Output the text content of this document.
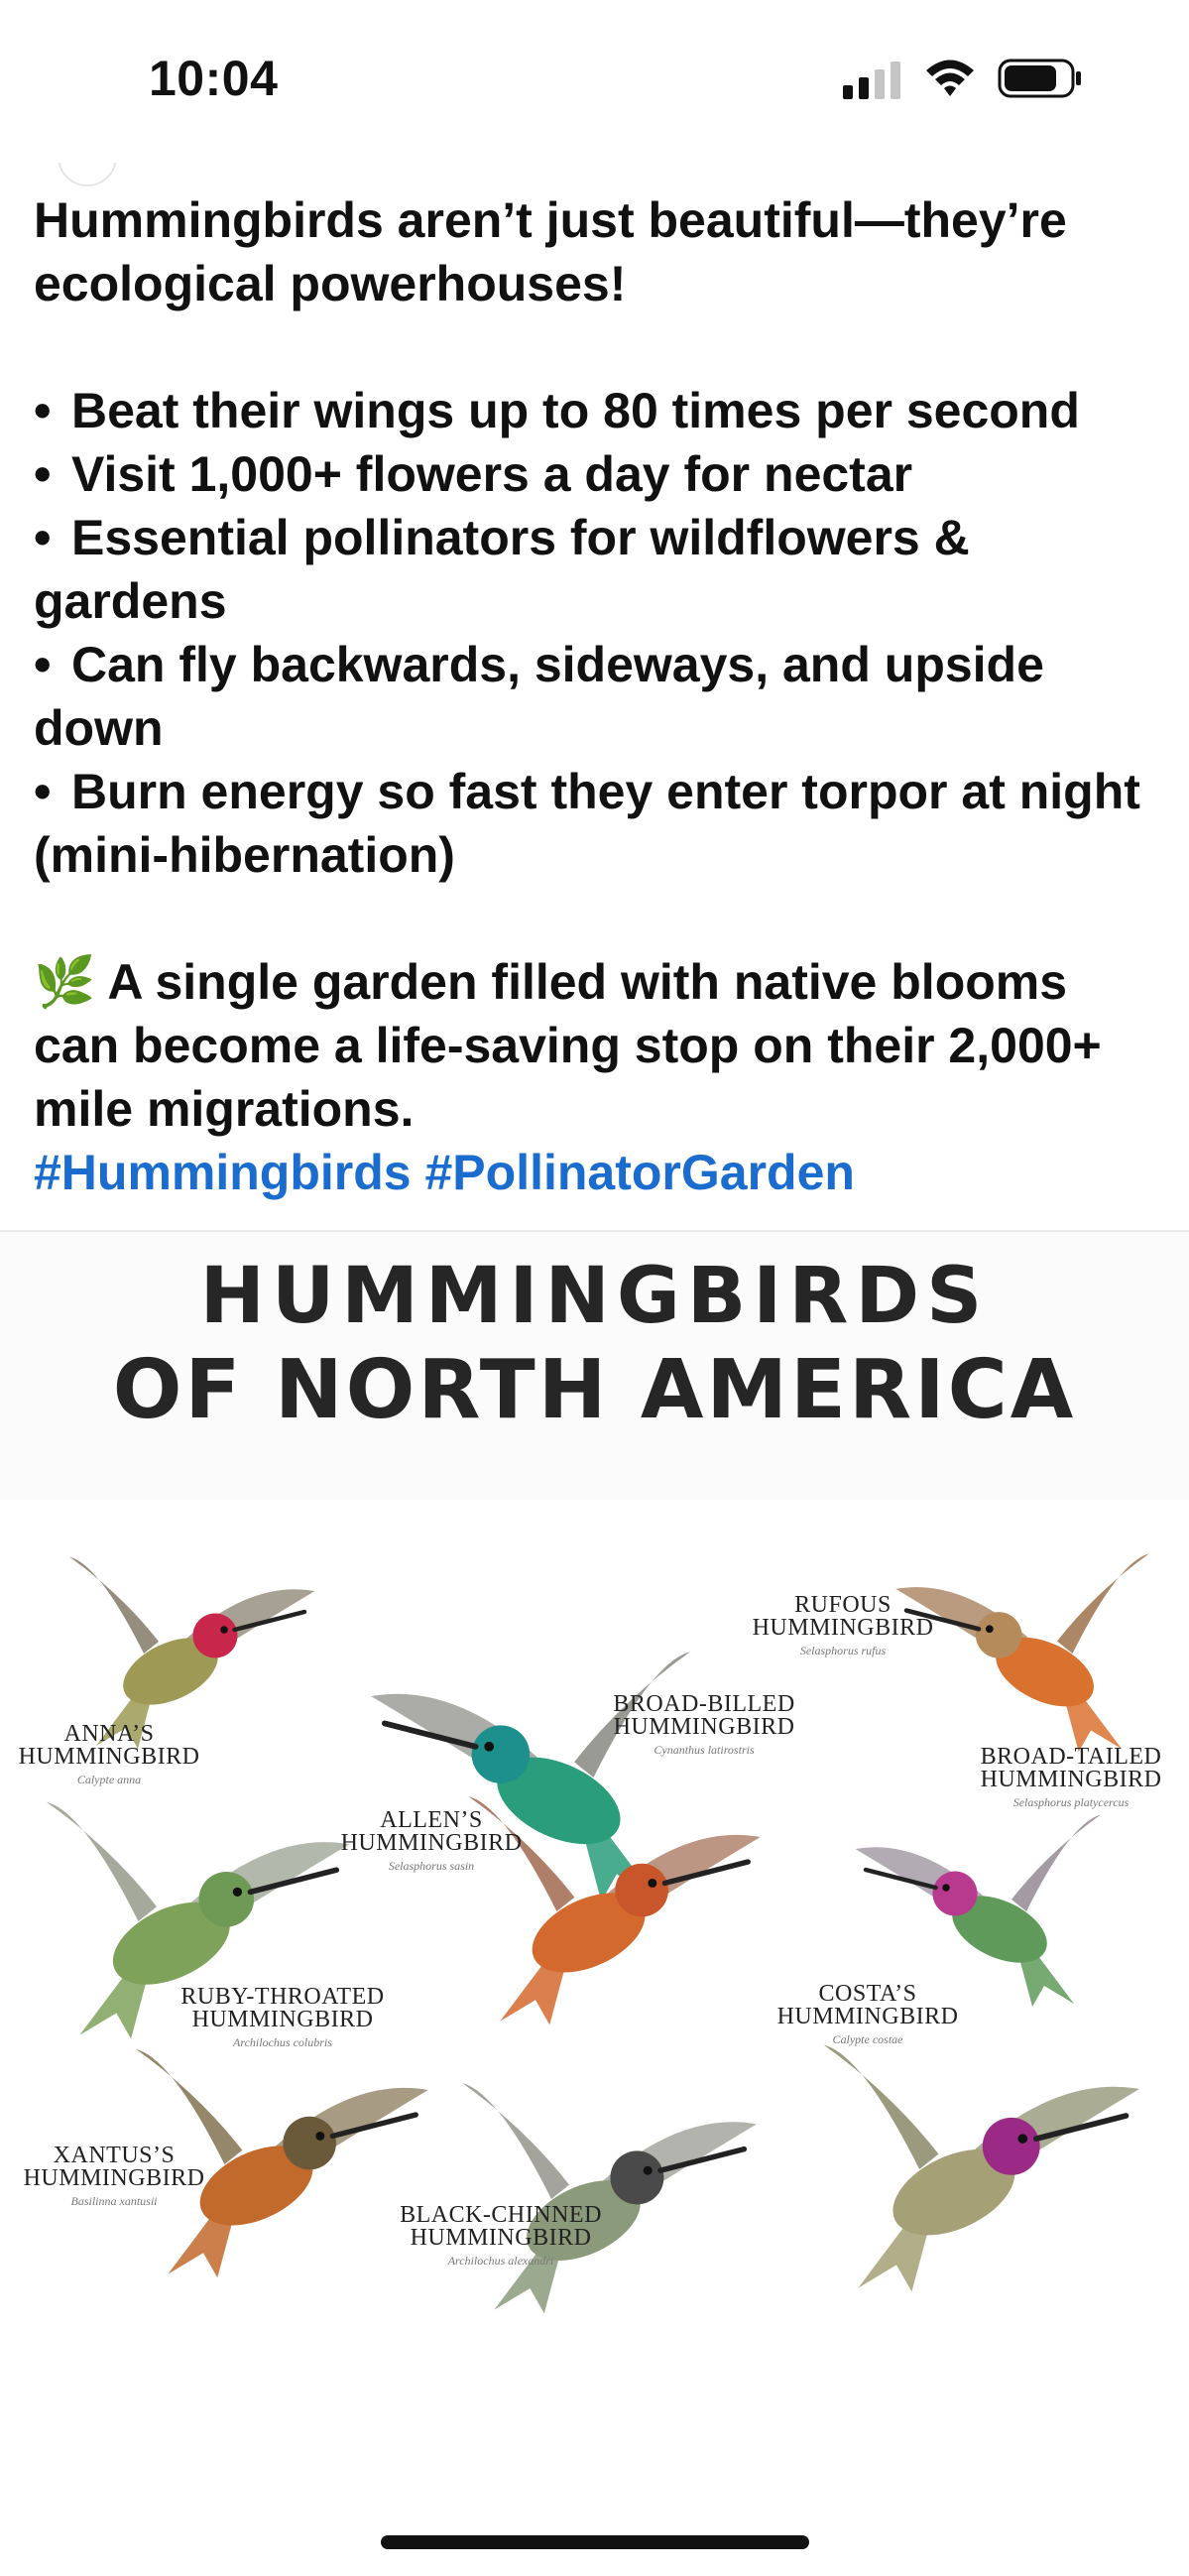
10:04

Hummingbirds aren’t just beautiful—they’re ecological powerhouses!

• Beat their wings up to 80 times per second
• Visit 1,000+ flowers a day for nectar
• Essential pollinators for wildflowers & gardens
• Can fly backwards, sideways, and upside down
• Burn energy so fast they enter torpor at night (mini-hibernation)

🌿 A single garden filled with native blooms can become a life-saving stop on their 2,000+ mile migrations.

#Hummingbirds #PollinatorGarden

HUMMINGBIRDS
OF NORTH AMERICA
ANNA’S
HUMMINGBIRD
Calypte anna
BROAD-BILLED
HUMMINGBIRD
Cynanthus latirostris
RUFOUS
HUMMINGBIRD
Selasphorus rufus
BROAD-TAILED
HUMMINGBIRD
Selasphorus platycercus
RUBY-THROATED
HUMMINGBIRD
Archilochus colubris
ALLEN’S
HUMMINGBIRD
Selasphorus sasin
COSTA’S
HUMMINGBIRD
Calypte costae
XANTUS’S
HUMMINGBIRD
Basilinna xantusii
BLACK-CHINNED
HUMMINGBIRD
Archilochus alexandri
